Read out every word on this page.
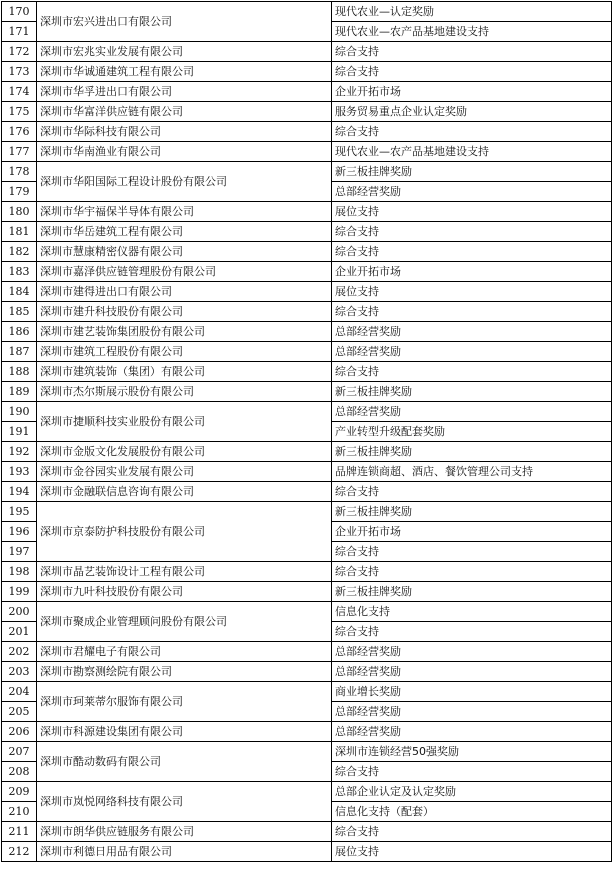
170	深圳市宏兴进出口有限公司	现代农业—认定奖励
171		现代农业—农产品基地建设支持
172	深圳市宏兆实业发展有限公司	综合支持
173	深圳市华诚通建筑工程有限公司	综合支持
174	深圳市华孚进出口有限公司	企业开拓市场
175	深圳市华富洋供应链有限公司	服务贸易重点企业认定奖励
176	深圳市华际科技有限公司	综合支持
177	深圳市华南渔业有限公司	现代农业—农产品基地建设支持
178	深圳市华阳国际工程设计股份有限公司	新三板挂牌奖励
179		总部经营奖励
180	深圳市华宇福保半导体有限公司	展位支持
181	深圳市华岳建筑工程有限公司	综合支持
182	深圳市慧康精密仪器有限公司	综合支持
183	深圳市嘉泽供应链管理股份有限公司	企业开拓市场
184	深圳市建得进出口有限公司	展位支持
185	深圳市建升科技股份有限公司	综合支持
186	深圳市建艺装饰集团股份有限公司	总部经营奖励
187	深圳市建筑工程股份有限公司	总部经营奖励
188	深圳市建筑装饰（集团）有限公司	综合支持
189	深圳市杰尔斯展示股份有限公司	新三板挂牌奖励
190	深圳市捷顺科技实业股份有限公司	总部经营奖励
191		产业转型升级配套奖励
192	深圳市金版文化发展股份有限公司	新三板挂牌奖励
193	深圳市金谷园实业发展有限公司	品牌连锁商超、酒店、餐饮管理公司支持
194	深圳市金融联信息咨询有限公司	综合支持
195	深圳市京泰防护科技股份有限公司	新三板挂牌奖励
196		企业开拓市场
197		综合支持
198	深圳市晶艺装饰设计工程有限公司	综合支持
199	深圳市九叶科技股份有限公司	新三板挂牌奖励
200	深圳市聚成企业管理顾问股份有限公司	信息化支持
201		综合支持
202	深圳市君耀电子有限公司	总部经营奖励
203	深圳市勘察测绘院有限公司	总部经营奖励
204	深圳市珂莱蒂尔服饰有限公司	商业增长奖励
205		总部经营奖励
206	深圳市科源建设集团有限公司	总部经营奖励
207	深圳市酷动数码有限公司	深圳市连锁经营50强奖励
208		综合支持
209	深圳市岚悦网络科技有限公司	总部企业认定及认定奖励
210		信息化支持（配套）
211	深圳市朗华供应链服务有限公司	综合支持
212	深圳市利德日用品有限公司	展位支持
